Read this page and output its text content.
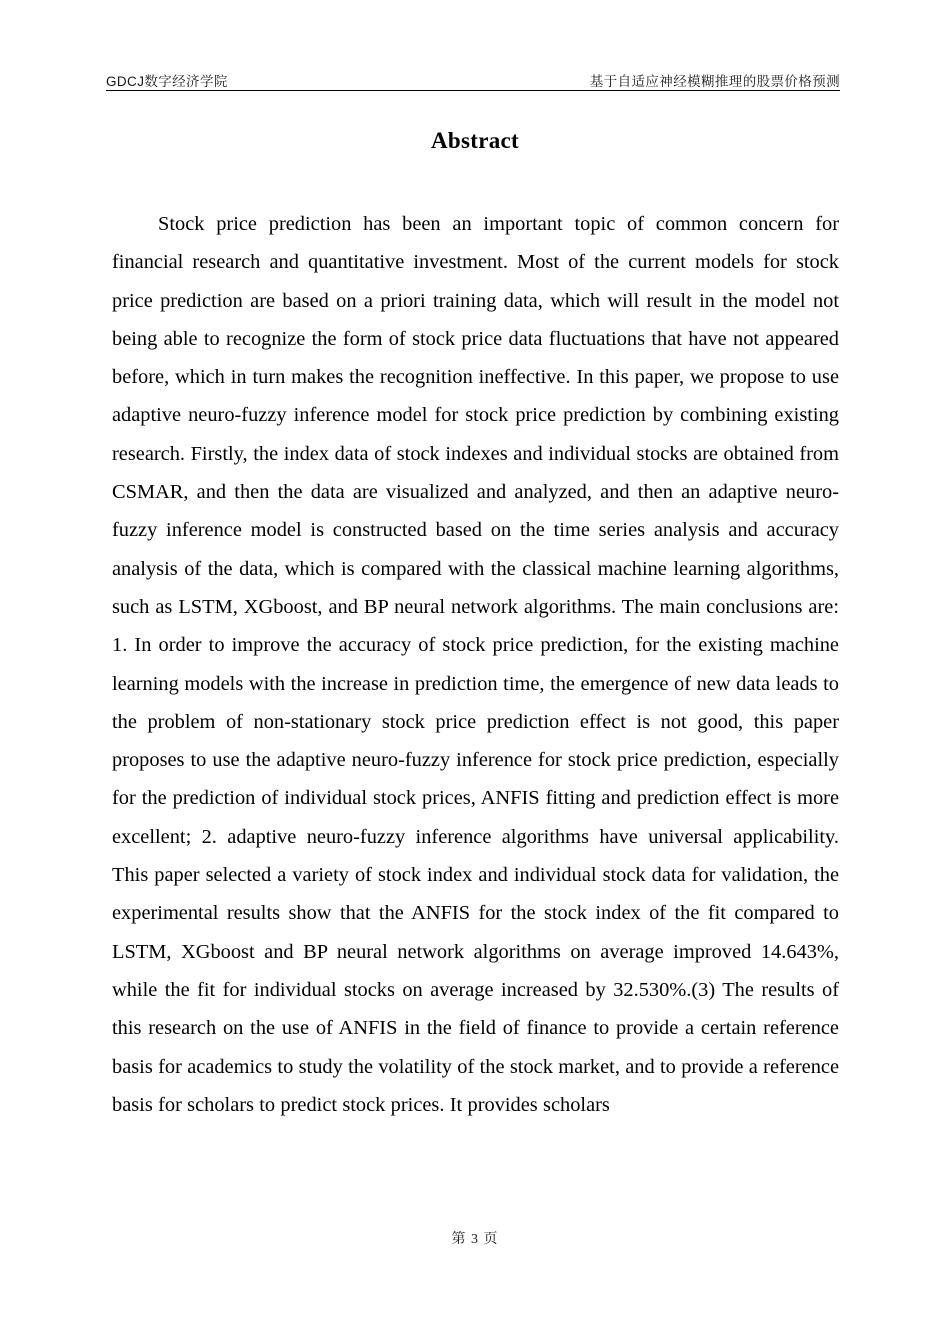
GDCJ数字经济学院	基于自适应神经模糊推理的股票价格预测
Abstract
Stock price prediction has been an important topic of common concern for financial research and quantitative investment. Most of the current models for stock price prediction are based on a priori training data, which will result in the model not being able to recognize the form of stock price data fluctuations that have not appeared before, which in turn makes the recognition ineffective. In this paper, we propose to use adaptive neuro-fuzzy inference model for stock price prediction by combining existing research. Firstly, the index data of stock indexes and individual stocks are obtained from CSMAR, and then the data are visualized and analyzed, and then an adaptive neuro-fuzzy inference model is constructed based on the time series analysis and accuracy analysis of the data, which is compared with the classical machine learning algorithms, such as LSTM, XGboost, and BP neural network algorithms. The main conclusions are: 1. In order to improve the accuracy of stock price prediction, for the existing machine learning models with the increase in prediction time, the emergence of new data leads to the problem of non-stationary stock price prediction effect is not good, this paper proposes to use the adaptive neuro-fuzzy inference for stock price prediction, especially for the prediction of individual stock prices, ANFIS fitting and prediction effect is more excellent; 2. adaptive neuro-fuzzy inference algorithms have universal applicability. This paper selected a variety of stock index and individual stock data for validation, the experimental results show that the ANFIS for the stock index of the fit compared to LSTM, XGboost and BP neural network algorithms on average improved 14.643%, while the fit for individual stocks on average increased by 32.530%.(3) The results of this research on the use of ANFIS in the field of finance to provide a certain reference basis for academics to study the volatility of the stock market, and to provide a reference basis for scholars to predict stock prices. It provides scholars
第 3 页
